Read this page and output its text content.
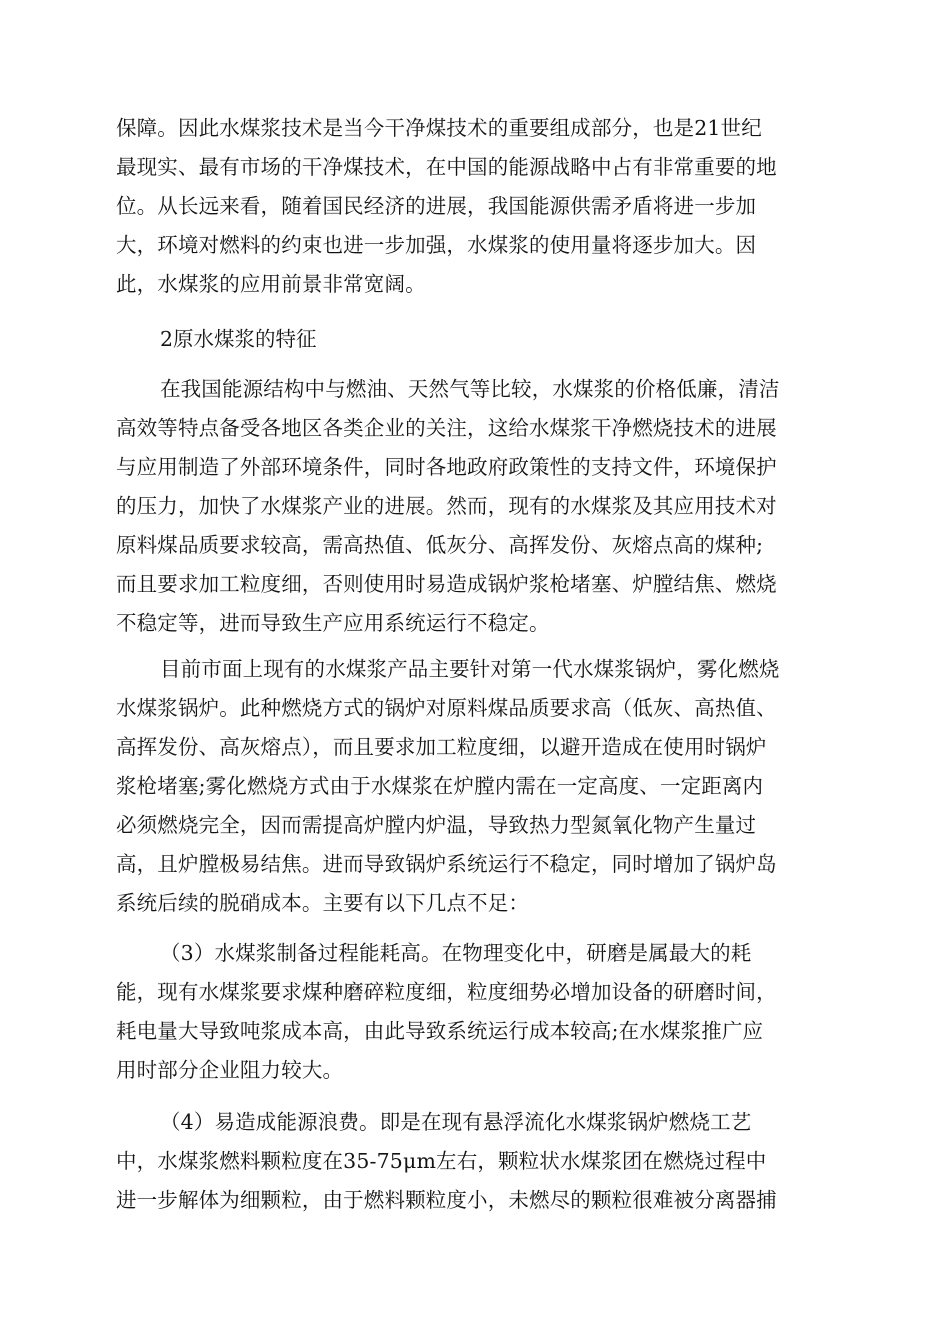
保障。因此水煤浆技术是当今干净煤技术的重要组成部分，也是21世纪
最现实、最有市场的干净煤技术，在中国的能源战略中占有非常重要的地
位。从长远来看，随着国民经济的进展，我国能源供需矛盾将进一步加
大，环境对燃料的约束也进一步加强，水煤浆的使用量将逐步加大。因
此，水煤浆的应用前景非常宽阔。
2原水煤浆的特征
在我国能源结构中与燃油、天然气等比较，水煤浆的价格低廉，清洁
高效等特点备受各地区各类企业的关注，这给水煤浆干净燃烧技术的进展
与应用制造了外部环境条件，同时各地政府政策性的支持文件，环境保护
的压力，加快了水煤浆产业的进展。然而，现有的水煤浆及其应用技术对
原料煤品质要求较高，需高热值、低灰分、高挥发份、灰熔点高的煤种;
而且要求加工粒度细，否则使用时易造成锅炉浆枪堵塞、炉膛结焦、燃烧
不稳定等，进而导致生产应用系统运行不稳定。
目前市面上现有的水煤浆产品主要针对第一代水煤浆锅炉，雾化燃烧
水煤浆锅炉。此种燃烧方式的锅炉对原料煤品质要求高（低灰、高热值、
高挥发份、高灰熔点），而且要求加工粒度细，以避开造成在使用时锅炉
浆枪堵塞;雾化燃烧方式由于水煤浆在炉膛内需在一定高度、一定距离内
必须燃烧完全，因而需提高炉膛内炉温，导致热力型氮氧化物产生量过
高，且炉膛极易结焦。进而导致锅炉系统运行不稳定，同时增加了锅炉岛
系统后续的脱硝成本。主要有以下几点不足：
（3）水煤浆制备过程能耗高。在物理变化中，研磨是属最大的耗
能，现有水煤浆要求煤种磨碎粒度细，粒度细势必增加设备的研磨时间，
耗电量大导致吨浆成本高，由此导致系统运行成本较高;在水煤浆推广应
用时部分企业阻力较大。
（4）易造成能源浪费。即是在现有悬浮流化水煤浆锅炉燃烧工艺
中，水煤浆燃料颗粒度在35-75μm左右，颗粒状水煤浆团在燃烧过程中
进一步解体为细颗粒，由于燃料颗粒度小，未燃尽的颗粒很难被分离器捕
